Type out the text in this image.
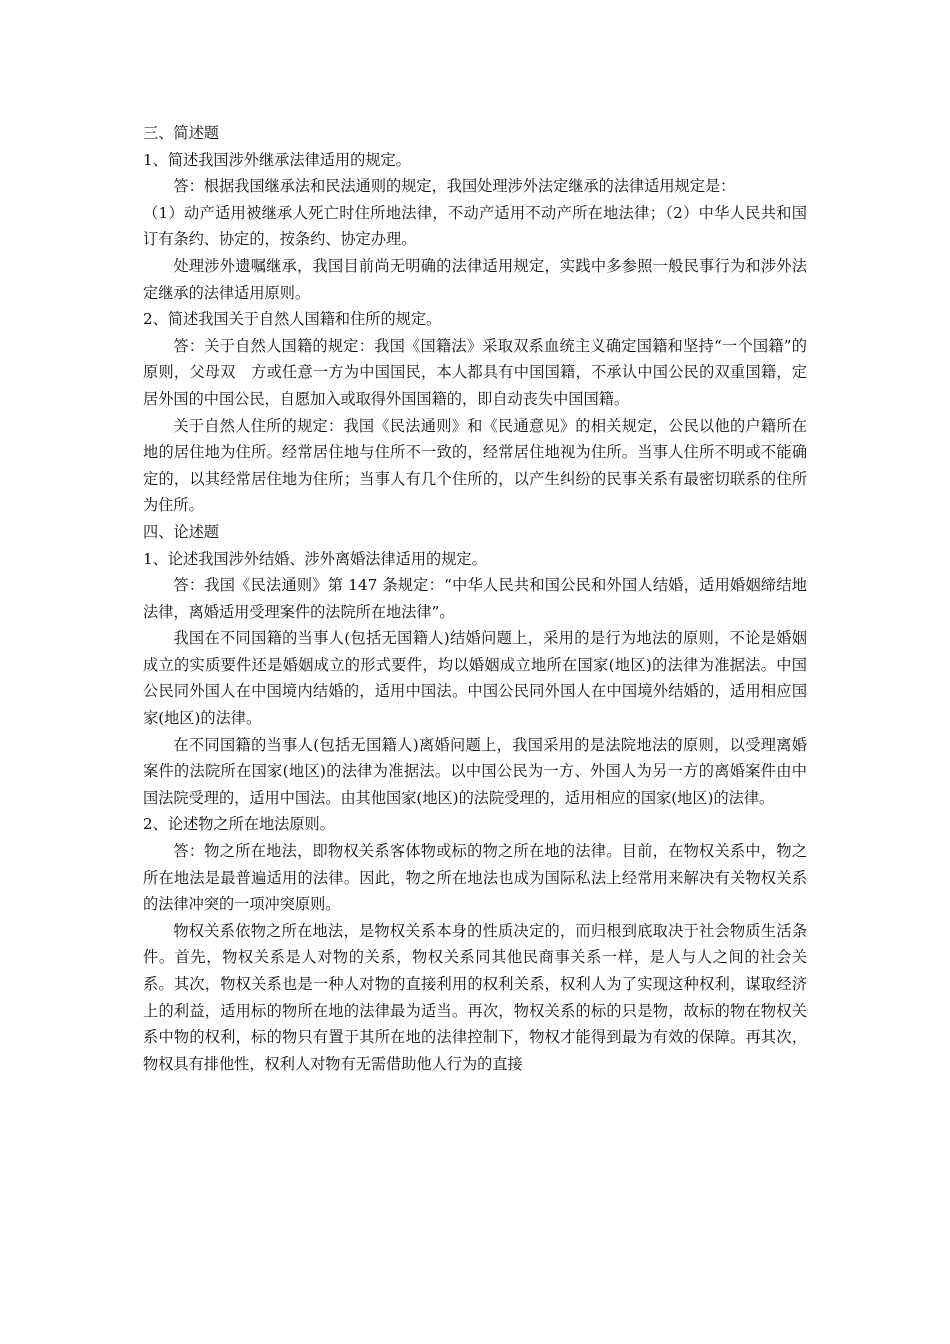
三、简述题

1、简述我国涉外继承法律适用的规定。

答：根据我国继承法和民法通则的规定，我国处理涉外法定继承的法律适用规定是：

（1）动产适用被继承人死亡时住所地法律，不动产适用不动产所在地法律；（2）中华人民共和国订有条约、协定的，按条约、协定办理。

处理涉外遗嘱继承，我国目前尚无明确的法律适用规定，实践中多参照一般民事行为和涉外法定继承的法律适用原则。

2、简述我国关于自然人国籍和住所的规定。

答：关于自然人国籍的规定：我国《国籍法》采取双系血统主义确定国籍和坚持“一个国籍”的原则，父母双　方或任意一方为中国国民，本人都具有中国国籍，不承认中国公民的双重国籍，定居外国的中国公民，自愿加入或取得外国国籍的，即自动丧失中国国籍。

关于自然人住所的规定：我国《民法通则》和《民通意见》的相关规定，公民以他的户籍所在地的居住地为住所。经常居住地与住所不一致的，经常居住地视为住所。当事人住所不明或不能确定的，以其经常居住地为住所；当事人有几个住所的，以产生纠纷的民事关系有最密切联系的住所为住所。

四、论述题

1、论述我国涉外结婚、涉外离婚法律适用的规定。

答：我国《民法通则》第 147 条规定：“中华人民共和国公民和外国人结婚，适用婚姻缔结地法律，离婚适用受理案件的法院所在地法律”。

我国在不同国籍的当事人(包括无国籍人)结婚问题上，采用的是行为地法的原则，不论是婚姻成立的实质要件还是婚姻成立的形式要件，均以婚姻成立地所在国家(地区)的法律为准据法。中国公民同外国人在中国境内结婚的，适用中国法。中国公民同外国人在中国境外结婚的，适用相应国家(地区)的法律。

在不同国籍的当事人(包括无国籍人)离婚问题上，我国采用的是法院地法的原则，以受理离婚案件的法院所在国家(地区)的法律为准据法。以中国公民为一方、外国人为另一方的离婚案件由中国法院受理的，适用中国法。由其他国家(地区)的法院受理的，适用相应的国家(地区)的法律。

2、论述物之所在地法原则。

答：物之所在地法，即物权关系客体物或标的物之所在地的法律。目前，在物权关系中，物之所在地法是最普遍适用的法律。因此，物之所在地法也成为国际私法上经常用来解决有关物权关系的法律冲突的一项冲突原则。

物权关系依物之所在地法，是物权关系本身的性质决定的，而归根到底取决于社会物质生活条件。首先，物权关系是人对物的关系，物权关系同其他民商事关系一样，是人与人之间的社会关系。其次，物权关系也是一种人对物的直接利用的权利关系，权利人为了实现这种权利，谋取经济上的利益，适用标的物所在地的法律最为适当。再次，物权关系的标的只是物，故标的物在物权关系中物的权利，标的物只有置于其所在地的法律控制下，物权才能得到最为有效的保障。再其次，物权具有排他性，权利人对物有无需借助他人行为的直接
